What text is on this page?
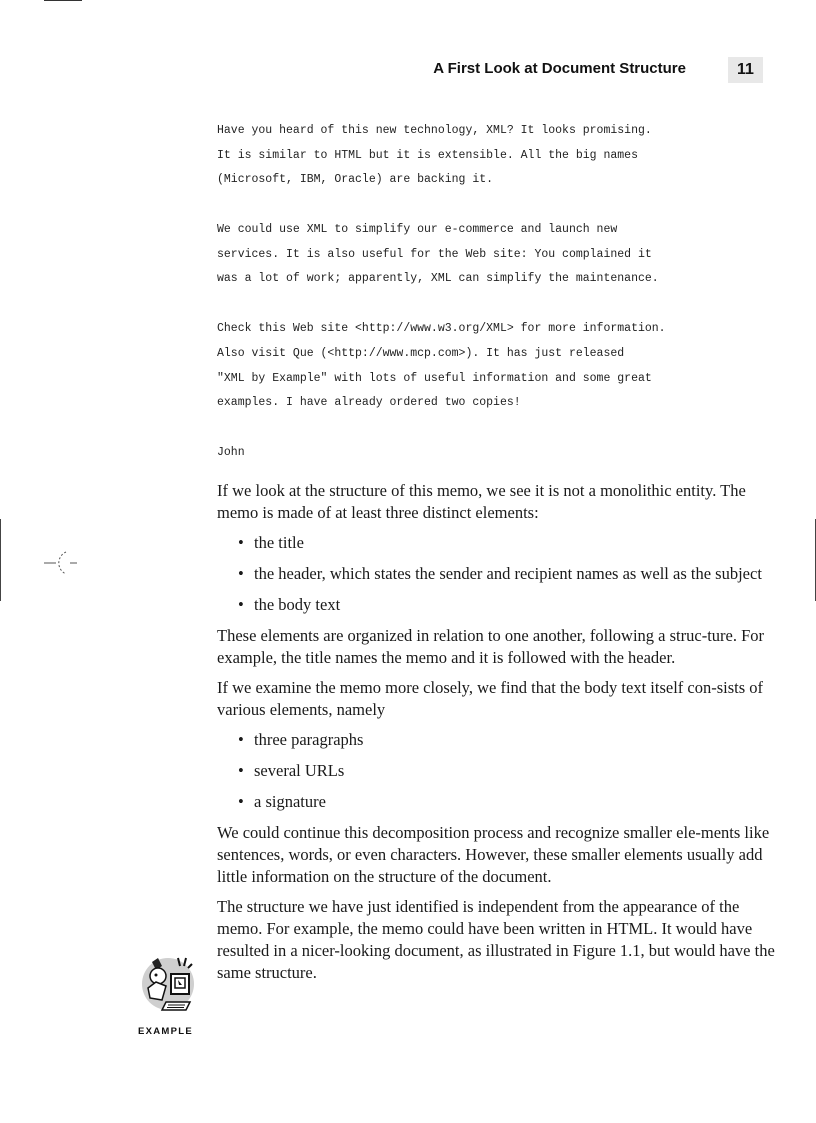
A First Look at Document Structure	11
Have you heard of this new technology, XML? It looks promising.
It is similar to HTML but it is extensible. All the big names
(Microsoft, IBM, Oracle) are backing it.
We could use XML to simplify our e-commerce and launch new
services. It is also useful for the Web site: You complained it
was a lot of work; apparently, XML can simplify the maintenance.
Check this Web site <http://www.w3.org/XML> for more information.
Also visit Que (<http://www.mcp.com>). It has just released
"XML by Example" with lots of useful information and some great
examples. I have already ordered two copies!
John

If we look at the structure of this memo, we see it is not a monolithic entity. The memo is made of at least three distinct elements:

• the title
• the header, which states the sender and recipient names as well as the subject
• the body text

These elements are organized in relation to one another, following a struc-ture. For example, the title names the memo and it is followed with the header.

If we examine the memo more closely, we find that the body text itself con-sists of various elements, namely

• three paragraphs
• several URLs
• a signature

We could continue this decomposition process and recognize smaller ele-ments like sentences, words, or even characters. However, these smaller elements usually add little information on the structure of the document.

The structure we have just identified is independent from the appearance of the memo. For example, the memo could have been written in HTML. It would have resulted in a nicer-looking document, as illustrated in Figure 1.1, but would have the same structure.

EXAMPLE
